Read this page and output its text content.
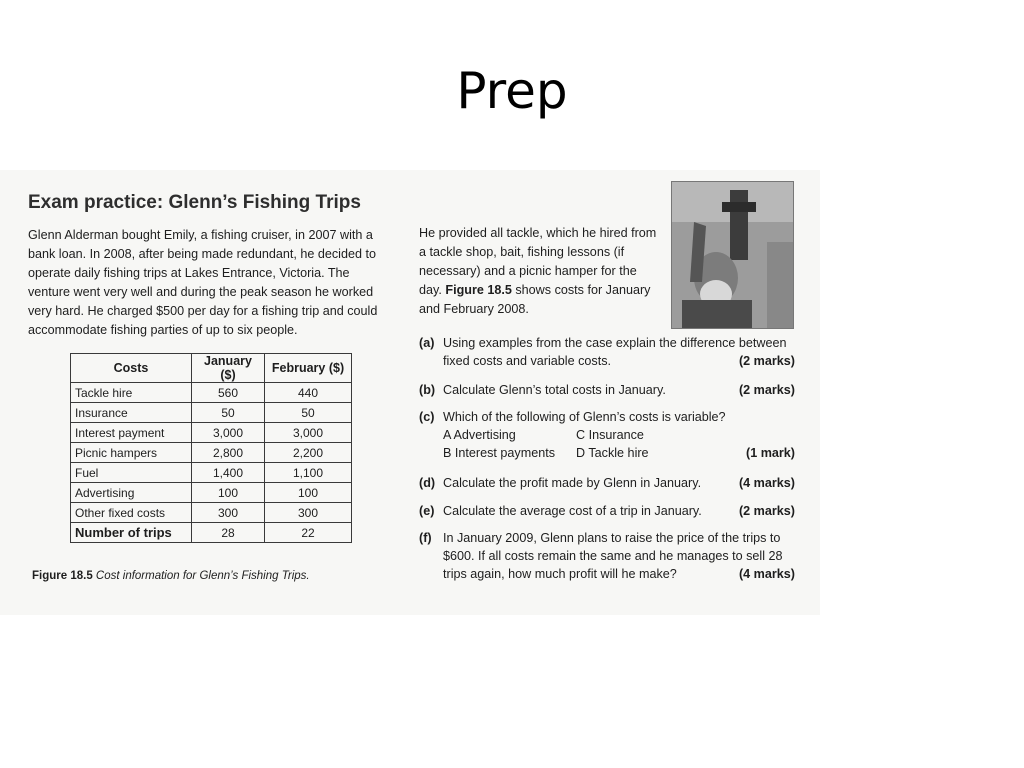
Prep
Exam practice: Glenn’s Fishing Trips
Glenn Alderman bought Emily, a fishing cruiser, in 2007 with a bank loan. In 2008, after being made redundant, he decided to operate daily fishing trips at Lakes Entrance, Victoria. The venture went very well and during the peak season he worked very hard. He charged $500 per day for a fishing trip and could accommodate fishing parties of up to six people.
He provided all tackle, which he hired from a tackle shop, bait, fishing lessons (if necessary) and a picnic hamper for the day. Figure 18.5 shows costs for January and February 2008.
Costs	January ($)	February ($)
Tackle hire	560	440
Insurance	50	50
Interest payment	3,000	3,000
Picnic hampers	2,800	2,200
Fuel	1,400	1,100
Advertising	100	100
Other fixed costs	300	300
Number of trips	28	22
Figure 18.5 Cost information for Glenn’s Fishing Trips.
(a) Using examples from the case explain the difference between fixed costs and variable costs.	(2 marks)
(b) Calculate Glenn’s total costs in January.	(2 marks)
(c) Which of the following of Glenn’s costs is variable?
A Advertising	C Insurance
B Interest payments D Tackle hire	(1 mark)
(d) Calculate the profit made by Glenn in January.	(4 marks)
(e) Calculate the average cost of a trip in January.	(2 marks)
(f) In January 2009, Glenn plans to raise the price of the trips to $600. If all costs remain the same and he manages to sell 28 trips again, how much profit will he make?	(4 marks)
